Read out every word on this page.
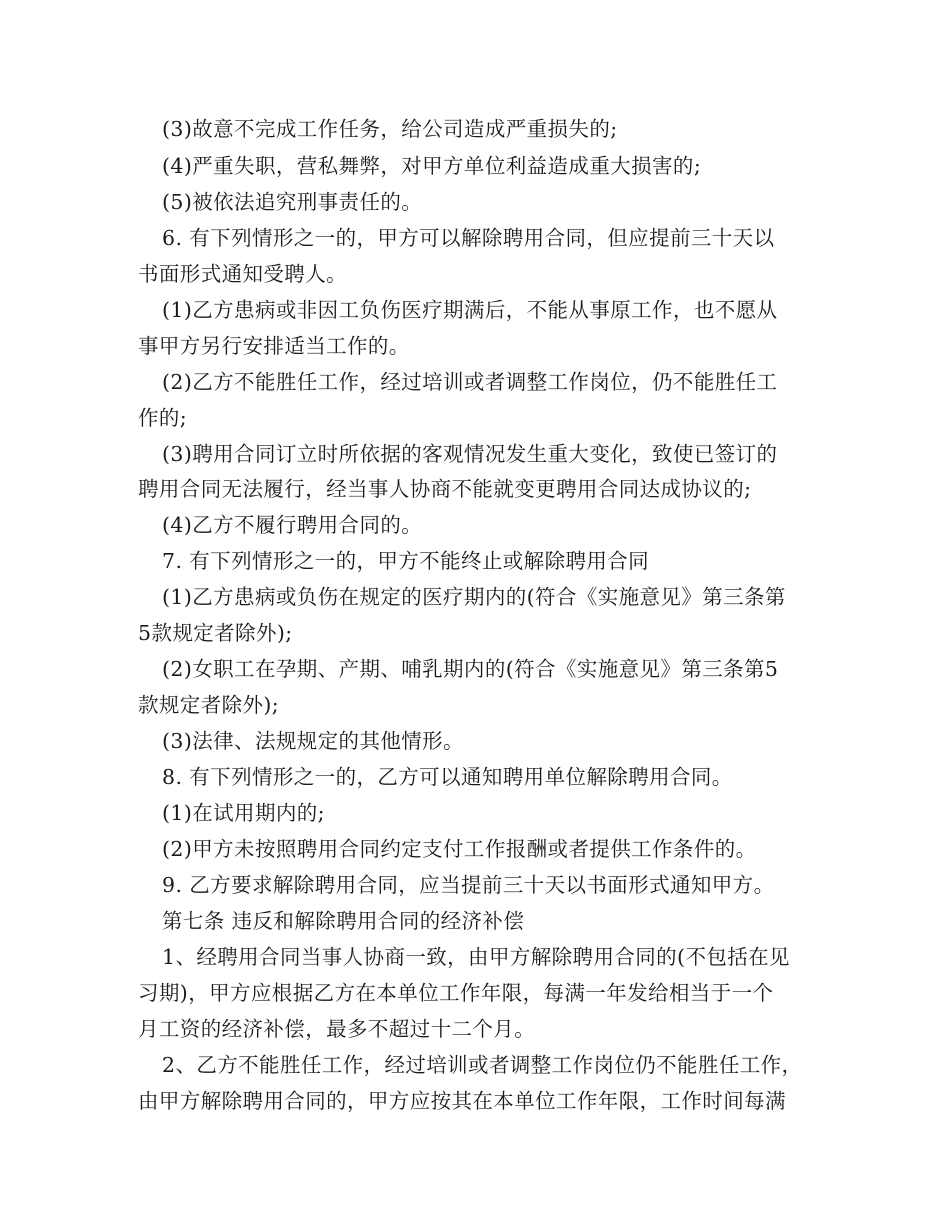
(3)故意不完成工作任务，给公司造成严重损失的;
(4)严重失职，营私舞弊，对甲方单位利益造成重大损害的;
(5)被依法追究刑事责任的。
6. 有下列情形之一的，甲方可以解除聘用合同，但应提前三十天以
书面形式通知受聘人。
(1)乙方患病或非因工负伤医疗期满后，不能从事原工作，也不愿从
事甲方另行安排适当工作的。
(2)乙方不能胜任工作，经过培训或者调整工作岗位，仍不能胜任工
作的;
(3)聘用合同订立时所依据的客观情况发生重大变化，致使已签订的
聘用合同无法履行，经当事人协商不能就变更聘用合同达成协议的;
(4)乙方不履行聘用合同的。
7. 有下列情形之一的，甲方不能终止或解除聘用合同
(1)乙方患病或负伤在规定的医疗期内的(符合《实施意见》第三条第
5款规定者除外);
(2)女职工在孕期、产期、哺乳期内的(符合《实施意见》第三条第5
款规定者除外);
(3)法律、法规规定的其他情形。
8. 有下列情形之一的，乙方可以通知聘用单位解除聘用合同。
(1)在试用期内的;
(2)甲方未按照聘用合同约定支付工作报酬或者提供工作条件的。
9. 乙方要求解除聘用合同，应当提前三十天以书面形式通知甲方。
第七条 违反和解除聘用合同的经济补偿
1、经聘用合同当事人协商一致，由甲方解除聘用合同的(不包括在见
习期)，甲方应根据乙方在本单位工作年限，每满一年发给相当于一个
月工资的经济补偿，最多不超过十二个月。
2、乙方不能胜任工作，经过培训或者调整工作岗位仍不能胜任工作，
由甲方解除聘用合同的，甲方应按其在本单位工作年限，工作时间每满
